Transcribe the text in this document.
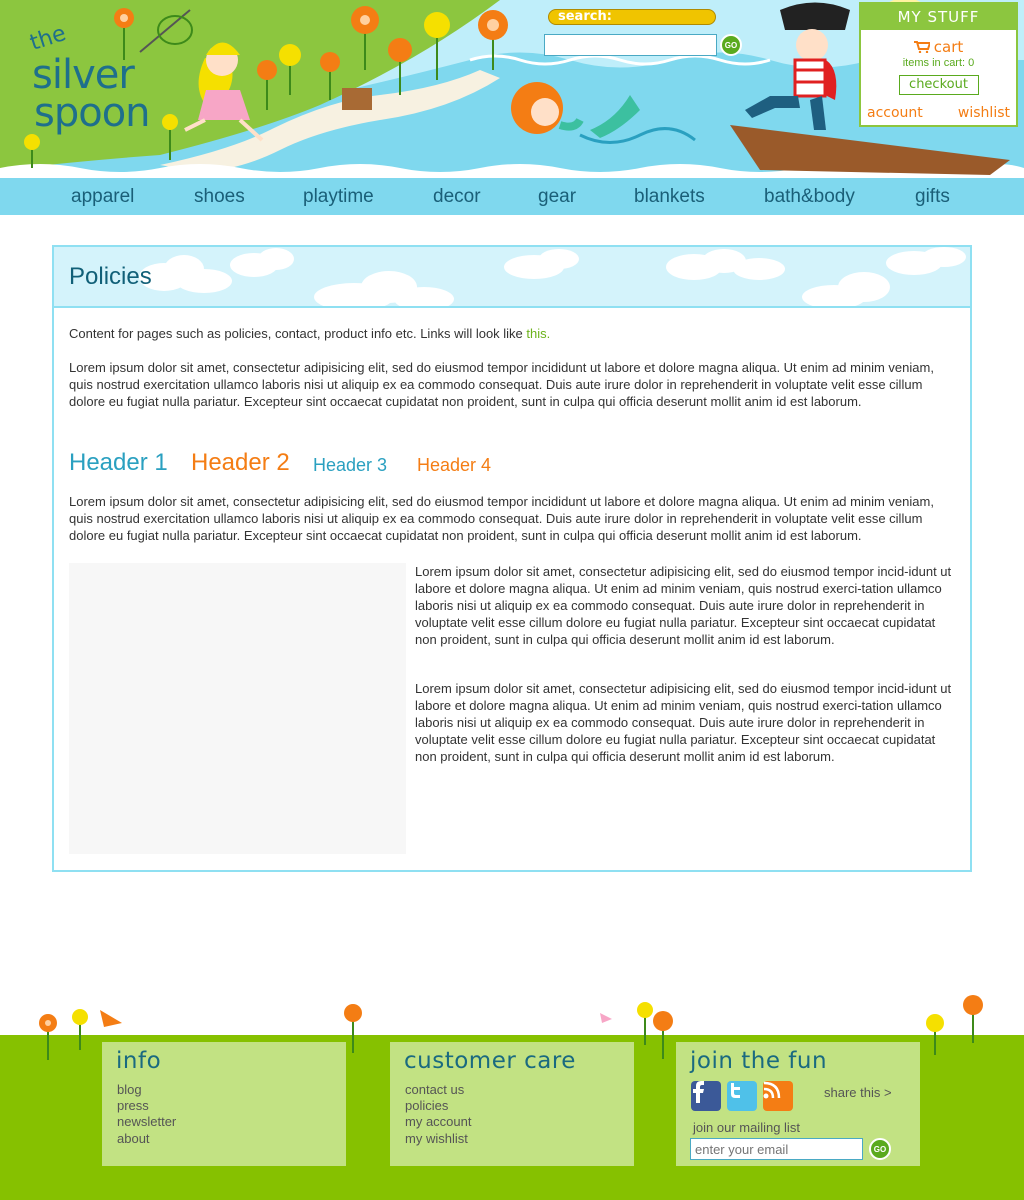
the
silver
spoon
search:
GO
MY STUFF
cart
items in cart: 0
checkout
account	wishlist
apparel	shoes	playtime	decor	gear	blankets	bath&body	gifts
Policies
Content for pages such as policies, contact, product info etc. Links will look like this.
Lorem ipsum dolor sit amet, consectetur adipisicing elit, sed do eiusmod tempor incididunt ut labore et dolore magna aliqua. Ut enim ad minim veniam, quis nostrud exercitation ullamco laboris nisi ut aliquip ex ea commodo consequat. Duis aute irure dolor in reprehenderit in voluptate velit esse cillum dolore eu fugiat nulla pariatur. Excepteur sint occaecat cupidatat non proident, sunt in culpa qui officia deserunt mollit anim id est laborum.
Header 1 Header 2 Header 3 Header 4
Lorem ipsum dolor sit amet, consectetur adipisicing elit, sed do eiusmod tempor incididunt ut labore et dolore magna aliqua. Ut enim ad minim veniam, quis nostrud exercitation ullamco laboris nisi ut aliquip ex ea commodo consequat. Duis aute irure dolor in reprehenderit in voluptate velit esse cillum dolore eu fugiat nulla pariatur. Excepteur sint occaecat cupidatat non proident, sunt in culpa qui officia deserunt mollit anim id est laborum.
Lorem ipsum dolor sit amet, consectetur adipisicing elit, sed do eiusmod tempor incid-idunt ut labore et dolore magna aliqua. Ut enim ad minim veniam, quis nostrud exerci-tation ullamco laboris nisi ut aliquip ex ea commodo consequat. Duis aute irure dolor in reprehenderit in voluptate velit esse cillum dolore eu fugiat nulla pariatur. Excepteur sint occaecat cupidatat non proident, sunt in culpa qui officia deserunt mollit anim id est laborum.
Lorem ipsum dolor sit amet, consectetur adipisicing elit, sed do eiusmod tempor incid-idunt ut labore et dolore magna aliqua. Ut enim ad minim veniam, quis nostrud exerci-tation ullamco laboris nisi ut aliquip ex ea commodo consequat. Duis aute irure dolor in reprehenderit in voluptate velit esse cillum dolore eu fugiat nulla pariatur. Excepteur sint occaecat cupidatat non proident, sunt in culpa qui officia deserunt mollit anim id est laborum.
info
blog
press
newsletter
about
customer care
contact us
policies
my account
my wishlist
join the fun
share this >
join our mailing list
enter your email
GO
